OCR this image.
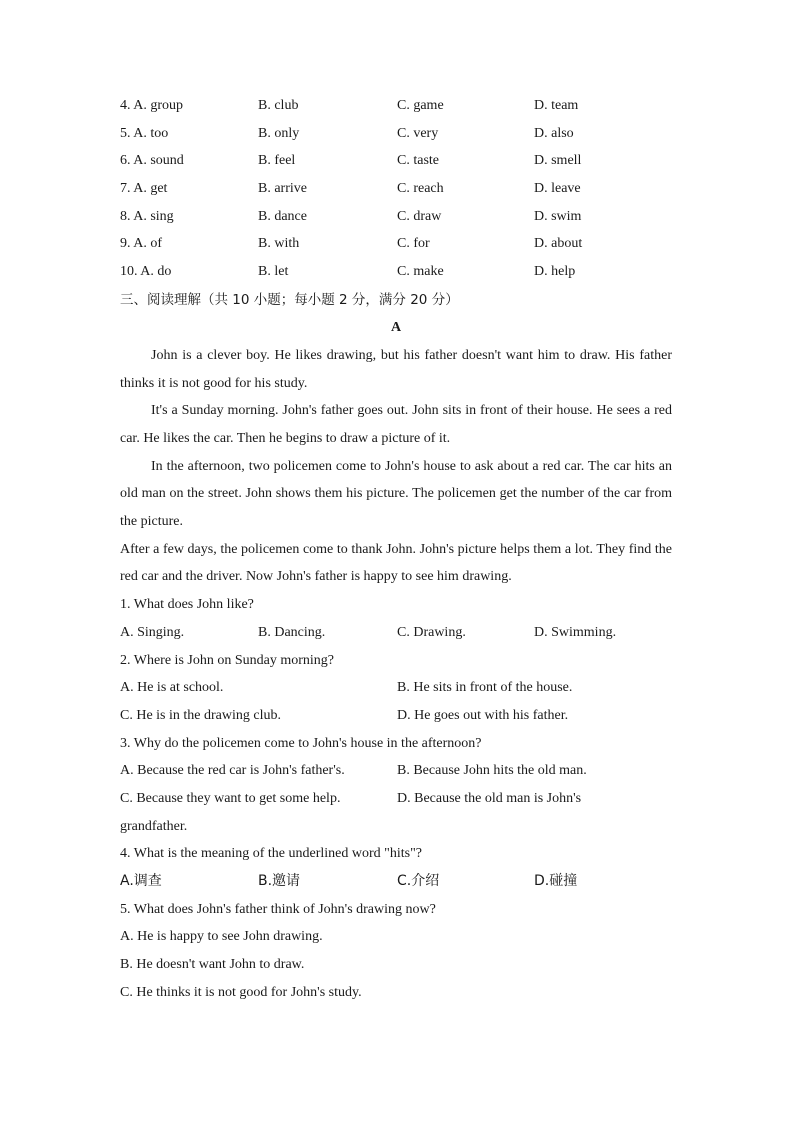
4. A. group	B. club	C. game	D. team
5. A. too	B. only	C. very	D. also
6. A. sound	B. feel	C. taste	D. smell
7. A. get	B. arrive	C. reach	D. leave
8. A. sing	B. dance	C. draw	D. swim
9. A. of	B. with	C. for	D. about
10. A. do	B. let	C. make	D. help
三、阅读理解（共 10 小题；每小题 2 分，满分 20 分）
A

John is a clever boy. He likes drawing, but his father doesn't want him to draw. His father thinks it is not good for his study.

It's a Sunday morning. John's father goes out. John sits in front of their house. He sees a red car. He likes the car. Then he begins to draw a picture of it.

In the afternoon, two policemen come to John's house to ask about a red car. The car hits an old man on the street. John shows them his picture. The policemen get the number of the car from the picture.

After a few days, the policemen come to thank John. John's picture helps them a lot. They find the red car and the driver. Now John's father is happy to see him drawing.

1. What does John like?
A. Singing.	B. Dancing.	C. Drawing.	D. Swimming.
2. Where is John on Sunday morning?
A. He is at school.	B. He sits in front of the house.
C. He is in the drawing club.	D. He goes out with his father.
3. Why do the policemen come to John's house in the afternoon?
A. Because the red car is John's father's.	B. Because John hits the old man.
C. Because they want to get some help.	D. Because the old man is John's
grandfather.
4. What is the meaning of the underlined word "hits"?
A.调查	B.邀请	C.介绍	D.碰撞
5. What does John's father think of John's drawing now?
A. He is happy to see John drawing.
B. He doesn't want John to draw.
C. He thinks it is not good for John's study.
